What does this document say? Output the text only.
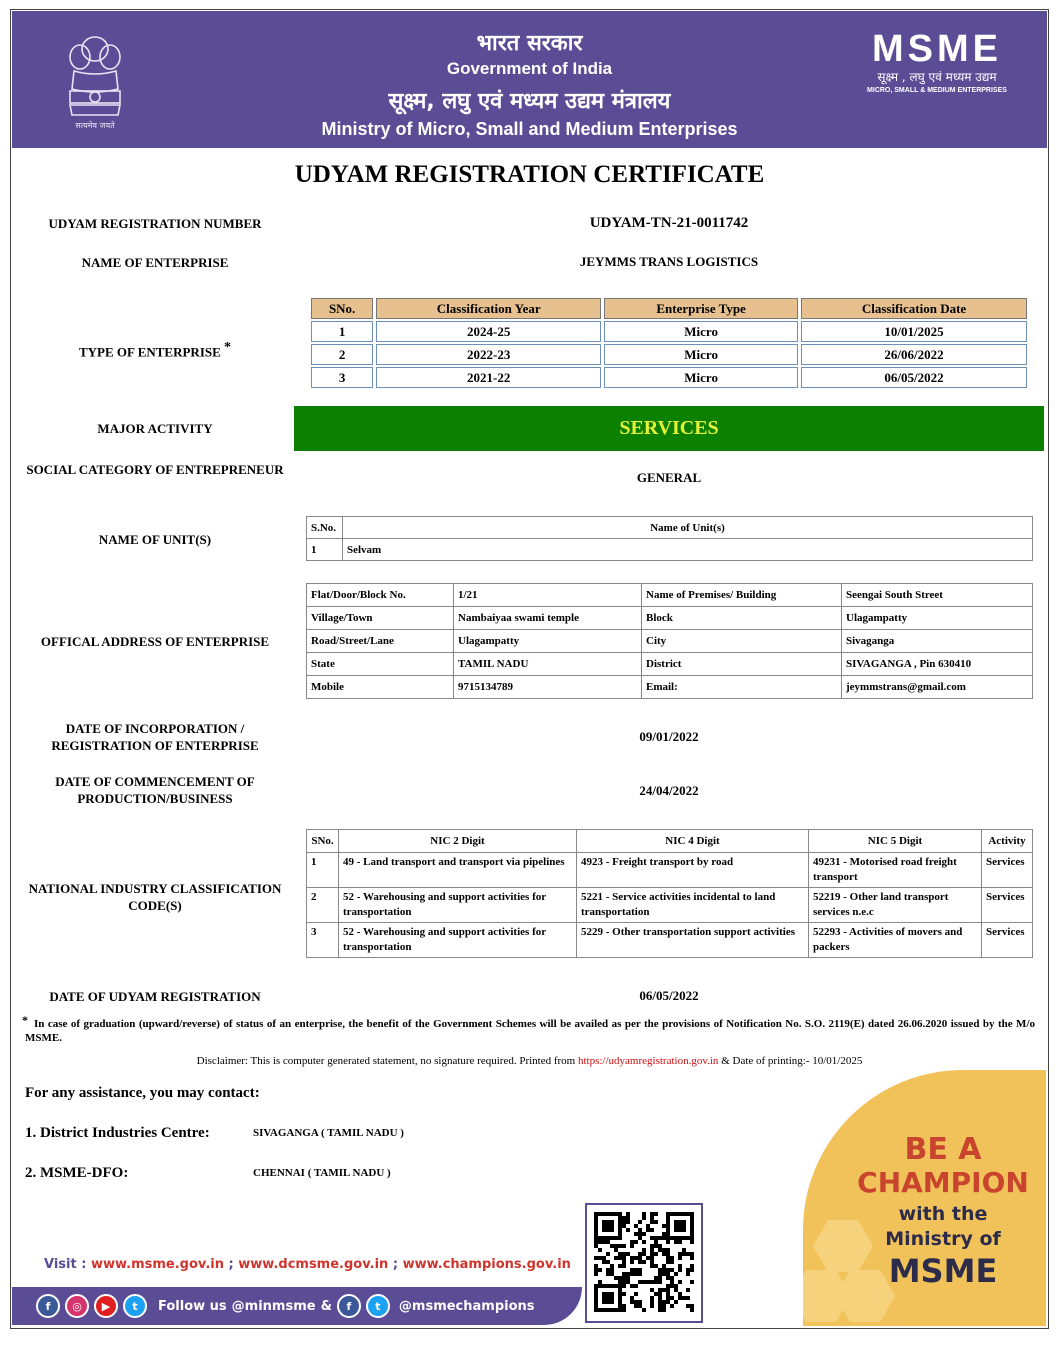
सत्यमेव जयते
भारत सरकार
Government of India
सूक्ष्म, लघु एवं मध्यम उद्यम मंत्रालय
Ministry of Micro, Small and Medium Enterprises
MSME
सूक्ष्म , लघु एवं मध्यम उद्यम
MICRO, SMALL & MEDIUM ENTERPRISES
UDYAM REGISTRATION CERTIFICATE
UDYAM REGISTRATION NUMBER	UDYAM-TN-21-0011742
NAME OF ENTERPRISE	JEYMMS TRANS LOGISTICS
TYPE OF ENTERPRISE *
SNo.	Classification Year	Enterprise Type	Classification Date
1	2024-25	Micro	10/01/2025
2	2022-23	Micro	26/06/2022
3	2021-22	Micro	06/05/2022
MAJOR ACTIVITY	SERVICES
SOCIAL CATEGORY OF ENTREPRENEUR
GENERAL
NAME OF UNIT(S)
S.No.	Name of Unit(s)
1	Selvam
OFFICAL ADDRESS OF ENTERPRISE
Flat/Door/Block No.	1/21	Name of Premises/ Building	Seengai South Street
Village/Town	Nambaiyaa swami temple	Block	Ulagampatty
Road/Street/Lane	Ulagampatty	City	Sivaganga
State	TAMIL NADU	District	SIVAGANGA , Pin 630410
Mobile	9715134789	Email:	jeymmstrans@gmail.com
DATE OF INCORPORATION / REGISTRATION OF ENTERPRISE
09/01/2022
DATE OF COMMENCEMENT OF PRODUCTION/BUSINESS
24/04/2022
NATIONAL INDUSTRY CLASSIFICATION CODE(S)
SNo.	NIC 2 Digit	NIC 4 Digit	NIC 5 Digit	Activity
1	49 - Land transport and transport via pipelines	4923 - Freight transport by road	49231 - Motorised road freight transport	Services
2	52 - Warehousing and support activities for transportation	5221 - Service activities incidental to land transportation	52219 - Other land transport services n.e.c	Services
3	52 - Warehousing and support activities for transportation	5229 - Other transportation support activities	52293 - Activities of movers and packers	Services
DATE OF UDYAM REGISTRATION	06/05/2022
* In case of graduation (upward/reverse) of status of an enterprise, the benefit of the Government Schemes will be availed as per the provisions of Notification No. S.O. 2119(E) dated 26.06.2020 issued by the M/o MSME.
Disclaimer: This is computer generated statement, no signature required. Printed from https://udyamregistration.gov.in & Date of printing:- 10/01/2025
For any assistance, you may contact:
1. District Industries Centre:	SIVAGANGA ( TAMIL NADU )
2. MSME-DFO:	CHENNAI ( TAMIL NADU )
BE A
CHAMPION
with the
Ministry of
MSME
Visit : www.msme.gov.in ; www.dcmsme.gov.in ; www.champions.gov.in
f	◎	▶	t	Follow us @minmsme &	f	t	@msmechampions
